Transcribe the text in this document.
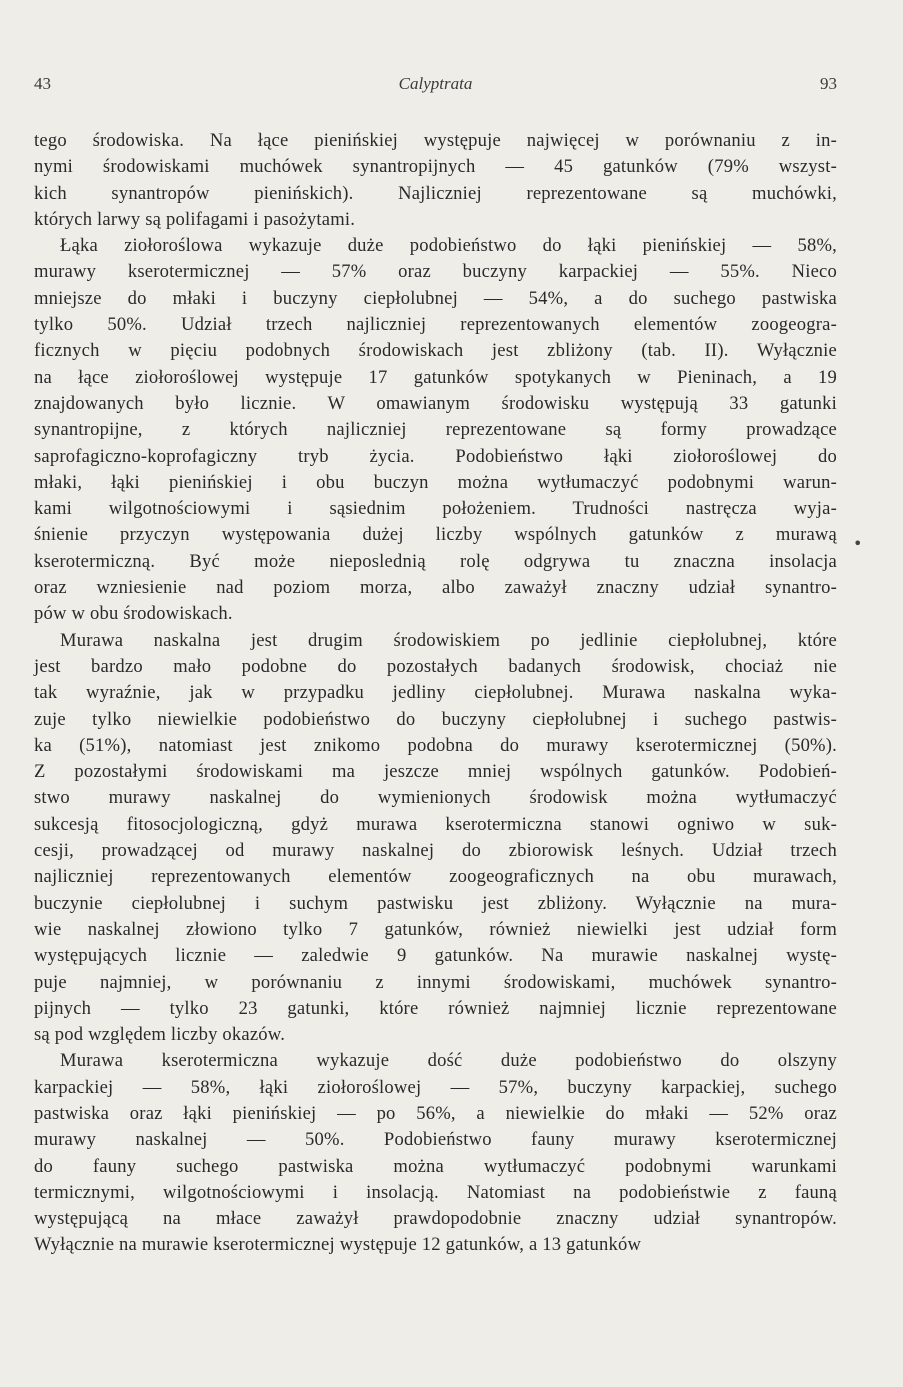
43	Calyptrata	93
tego środowiska. Na łące pienińskiej występuje najwięcej w porównaniu z in-
nymi środowiskami muchówek synantropijnych — 45 gatunków (79% wszyst-
kich synantropów pienińskich). Najliczniej reprezentowane są muchówki,
których larwy są polifagami i pasożytami.
Łąka ziołoroślowa wykazuje duże podobieństwo do łąki pienińskiej — 58%,
murawy kserotermicznej — 57% oraz buczyny karpackiej — 55%. Nieco
mniejsze do młaki i buczyny ciepłolubnej — 54%, a do suchego pastwiska
tylko 50%. Udział trzech najliczniej reprezentowanych elementów zoogeogra-
ficznych w pięciu podobnych środowiskach jest zbliżony (tab. II). Wyłącznie
na łące ziołoroślowej występuje 17 gatunków spotykanych w Pieninach, a 19
znajdowanych było licznie. W omawianym środowisku występują 33 gatunki
synantropijne, z których najliczniej reprezentowane są formy prowadzące
saprofagiczno-koprofagiczny tryb życia. Podobieństwo łąki ziołoroślowej do
młaki, łąki pienińskiej i obu buczyn można wytłumaczyć podobnymi warun-
kami wilgotnościowymi i sąsiednim położeniem. Trudności nastręcza wyja-
śnienie przyczyn występowania dużej liczby wspólnych gatunków z murawą
kserotermiczną. Być może nieposlednią rolę odgrywa tu znaczna insolacja
oraz wzniesienie nad poziom morza, albo zaważył znaczny udział synantro-
pów w obu środowiskach.
Murawa naskalna jest drugim środowiskiem po jedlinie ciepłolubnej, które
jest bardzo mało podobne do pozostałych badanych środowisk, chociaż nie
tak wyraźnie, jak w przypadku jedliny ciepłolubnej. Murawa naskalna wyka-
zuje tylko niewielkie podobieństwo do buczyny ciepłolubnej i suchego pastwis-
ka (51%), natomiast jest znikomo podobna do murawy kserotermicznej (50%).
Z pozostałymi środowiskami ma jeszcze mniej wspólnych gatunków. Podobień-
stwo murawy naskalnej do wymienionych środowisk można wytłumaczyć
sukcesją fitosocjologiczną, gdyż murawa kserotermiczna stanowi ogniwo w suk-
cesji, prowadzącej od murawy naskalnej do zbiorowisk leśnych. Udział trzech
najliczniej reprezentowanych elementów zoogeograficznych na obu murawach,
buczynie ciepłolubnej i suchym pastwisku jest zbliżony. Wyłącznie na mura-
wie naskalnej złowiono tylko 7 gatunków, również niewielki jest udział form
występujących licznie — zaledwie 9 gatunków. Na murawie naskalnej wystę-
puje najmniej, w porównaniu z innymi środowiskami, muchówek synantro-
pijnych — tylko 23 gatunki, które również najmniej licznie reprezentowane
są pod względem liczby okazów.
Murawa kserotermiczna wykazuje dość duże podobieństwo do olszyny
karpackiej — 58%, łąki ziołoroślowej — 57%, buczyny karpackiej, suchego
pastwiska oraz łąki pienińskiej — po 56%, a niewielkie do młaki — 52% oraz
murawy naskalnej — 50%. Podobieństwo fauny murawy kserotermicznej
do fauny suchego pastwiska można wytłumaczyć podobnymi warunkami
termicznymi, wilgotnościowymi i insolacją. Natomiast na podobieństwie z fauną
występującą na młace zaważył prawdopodobnie znaczny udział synantropów.
Wyłącznie na murawie kserotermicznej występuje 12 gatunków, a 13 gatunków
•
